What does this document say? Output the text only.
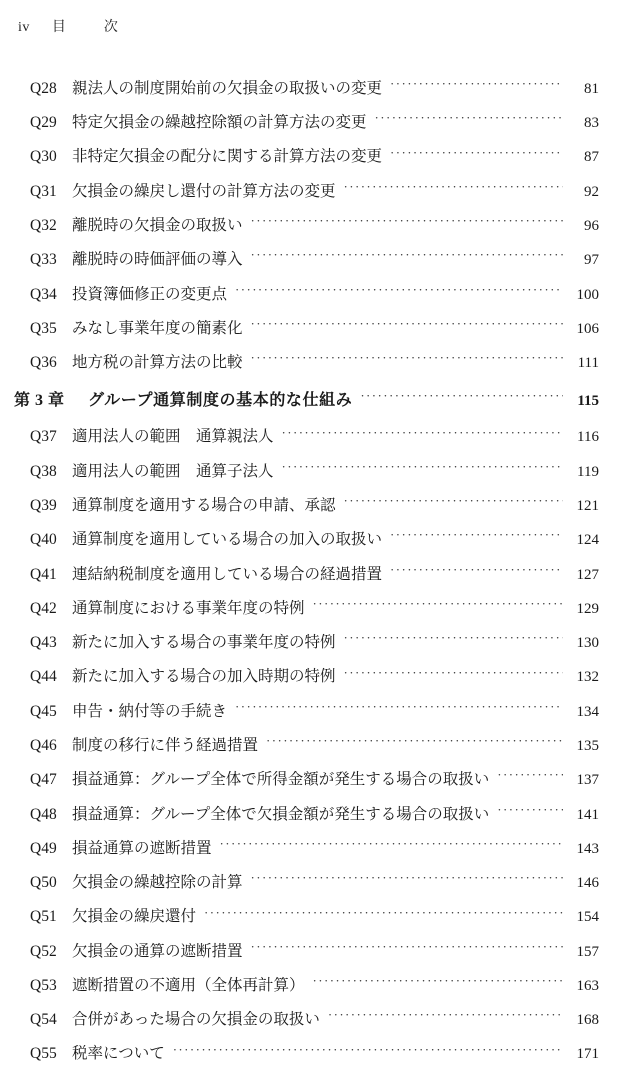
iv 目　次
Q28 親法人の制度開始前の欠損金の取扱いの変更 ·····	81
Q29 特定欠損金の繰越控除額の計算方法の変更 ·····	83
Q30 非特定欠損金の配分に関する計算方法の変更 ·····	87
Q31 欠損金の繰戻し還付の計算方法の変更 ·····	92
Q32 離脱時の欠損金の取扱い ·····	96
Q33 離脱時の時価評価の導入 ·····	97
Q34 投資簿価修正の変更点 ·····	100
Q35 みなし事業年度の簡素化 ·····	106
Q36 地方税の計算方法の比較 ·····	111
第 3 章	グループ通算制度の基本的な仕組み ·····	115
Q37 適用法人の範囲　通算親法人 ·····	116
Q38 適用法人の範囲　通算子法人 ·····	119
Q39 通算制度を適用する場合の申請、承認 ·····	121
Q40 通算制度を適用している場合の加入の取扱い ·····	124
Q41 連結納税制度を適用している場合の経過措置 ·····	127
Q42 通算制度における事業年度の特例 ·····	129
Q43 新たに加入する場合の事業年度の特例 ·····	130
Q44 新たに加入する場合の加入時期の特例 ·····	132
Q45 申告・納付等の手続き ·····	134
Q46 制度の移行に伴う経過措置 ·····	135
Q47 損益通算：グループ全体で所得金額が発生する場合の取扱い ·····	137
Q48 損益通算：グループ全体で欠損金額が発生する場合の取扱い ·····	141
Q49 損益通算の遮断措置 ·····	143
Q50 欠損金の繰越控除の計算 ·····	146
Q51 欠損金の繰戻還付 ·····	154
Q52 欠損金の通算の遮断措置 ·····	157
Q53 遮断措置の不適用（全体再計算） ·····	163
Q54 合併があった場合の欠損金の取扱い ·····	168
Q55 税率について ·····	171
